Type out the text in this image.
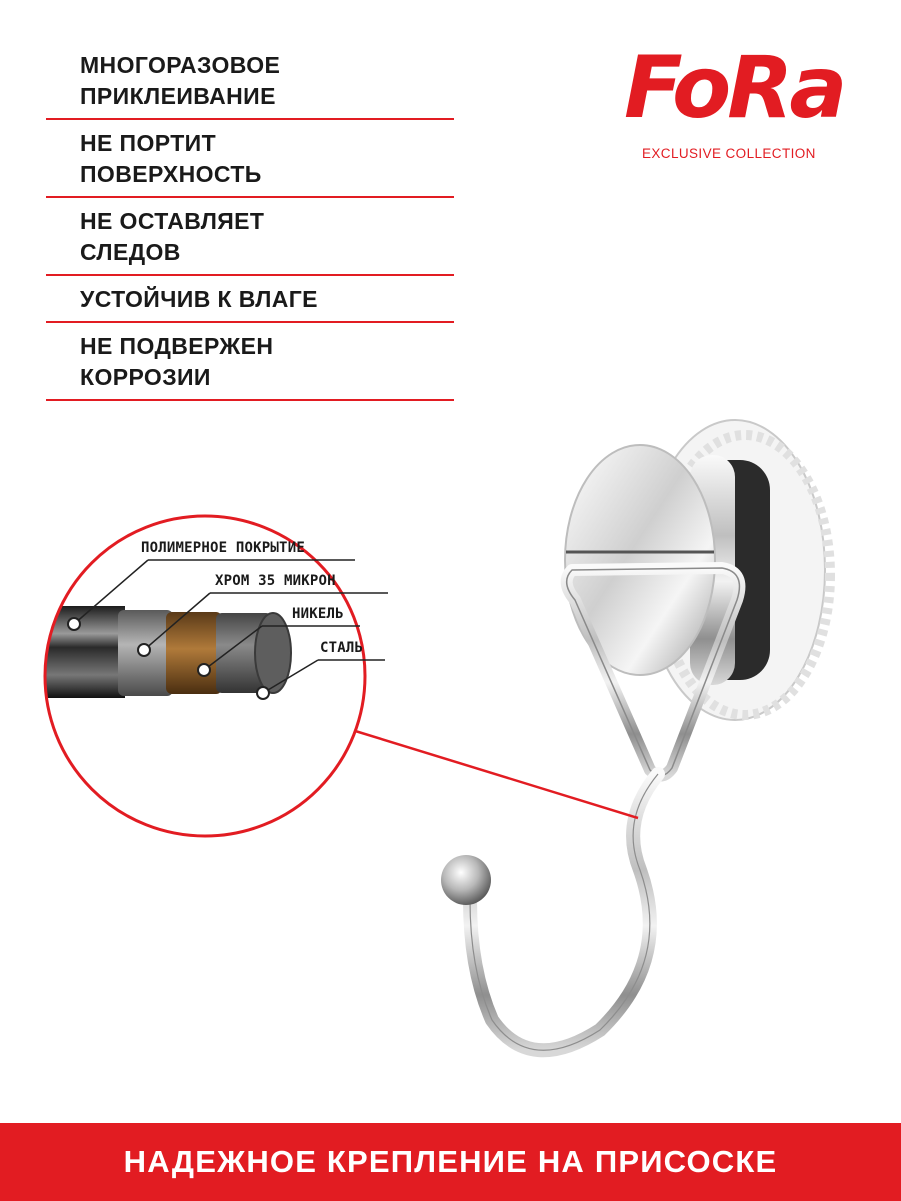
МНОГОРАЗОВОЕ
ПРИКЛЕИВАНИЕ
НЕ ПОРТИТ
ПОВЕРХНОСТЬ
НЕ ОСТАВЛЯЕТ
СЛЕДОВ
УСТОЙЧИВ К ВЛАГЕ
НЕ ПОДВЕРЖЕН
КОРРОЗИИ
FoRa
EXCLUSIVE COLLECTION
ПОЛИМЕРНОЕ ПОКРЫТИЕ
ХРОМ 35 МИКРОН
НИКЕЛЬ
СТАЛЬ
НАДЕЖНОЕ КРЕПЛЕНИЕ НА ПРИСОСКЕ
